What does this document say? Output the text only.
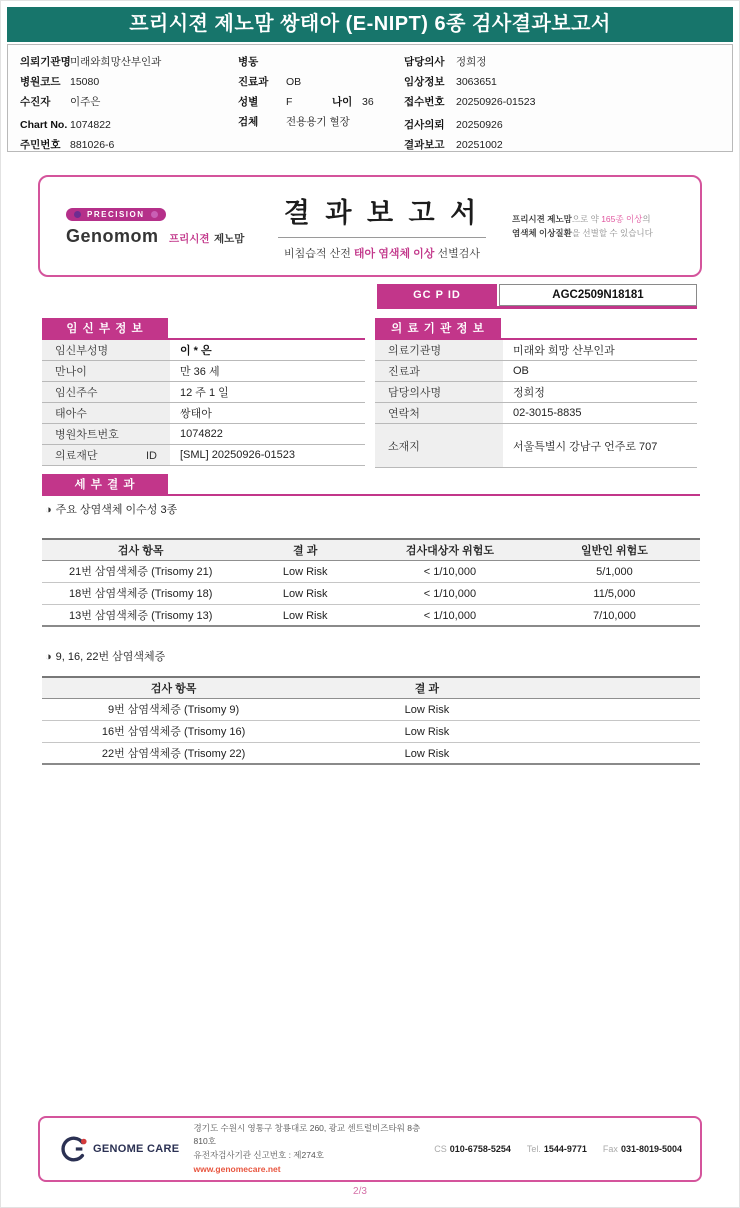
프리시젼 제노맘 쌍태아 (E-NIPT) 6종 검사결과보고서
의뢰기관명미래와희망산부인과
병원코드 15080
수진자 이주은
Chart No. 1074822
주민번호 881026-6
병동
진료과 OB
성별	F	나이 36
검체	전용용기 혈장
담당의사 정희정
임상정보 3063651
접수번호 20250926-01523
검사의뢰 20250926
결과보고 20251002
PRECISION
Genomom 프리시젼 제노맘
결 과 보 고 서
비침습적 산전 태아 염색체 이상 선별검사
프리시젼 제노맘으로 약 165종 이상의
염색체 이상질환을 선별할 수 있습니다
GC P ID	AGC2509N18181
임 신 부 정 보
임신부성명	이 * 은
만나이	만 36 세
임신주수	12 주 1 일
태아수	쌍태아
병원차트번호	1074822
의료재단 ID	[SML] 20250926-01523
의 료 기 관 정 보
의료기관명	미래와 희망 산부인과
진료과	OB
담당의사명	정희정
연락처	02-3015-8835
소재지	서울특별시 강남구 언주로 707
세 부 결 과
◑ 주요 상염색체 이수성 3종
검사 항목	결 과	검사대상자 위험도	일반인 위험도
21번 삼염색체증 (Trisomy 21)	Low Risk	< 1/10,000	5/1,000
18번 삼염색체증 (Trisomy 18)	Low Risk	< 1/10,000	11/5,000
13번 삼염색체증 (Trisomy 13)	Low Risk	< 1/10,000	7/10,000
◑ 9, 16, 22번 삼염색체증
검사 항목	결 과
9번 삼염색체증 (Trisomy 9)	Low Risk
16번 삼염색체증 (Trisomy 16)	Low Risk
22번 삼염색체증 (Trisomy 22)	Low Risk
GENOME CARE
경기도 수원시 영통구 창룡대로 260, 광교 센트럴비즈타워 8층 810호
유전자검사기관 신고번호 : 제274호
www.genomecare.net
CS 010-6758-5254 Tel. 1544-9771 Fax 031-8019-5004
2/3
